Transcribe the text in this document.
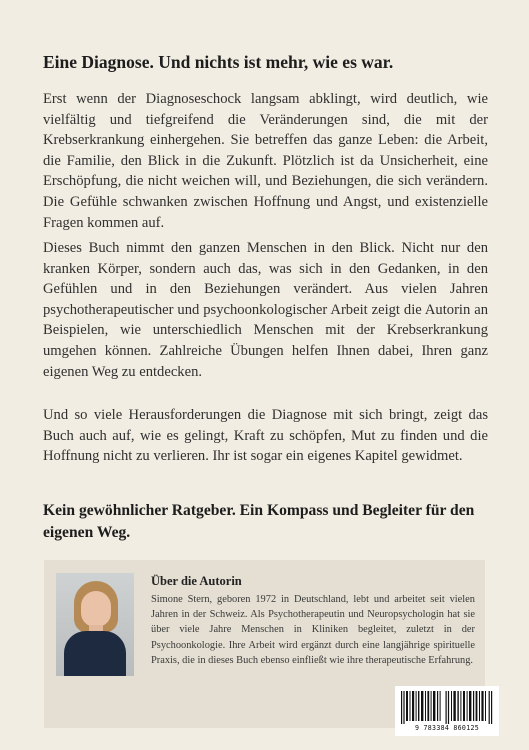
Eine Diagnose. Und nichts ist mehr, wie es war.

Erst wenn der Diagnoseschock langsam abklingt, wird deutlich, wie vielfältig und tiefgreifend die Veränderungen sind, die mit der Krebserkrankung einhergehen. Sie betreffen das ganze Leben: die Arbeit, die Familie, den Blick in die Zukunft. Plötzlich ist da Unsicherheit, eine Erschöpfung, die nicht weichen will, und Beziehungen, die sich verändern. Die Gefühle schwanken zwischen Hoffnung und Angst, und existenzielle Fragen kommen auf.

Dieses Buch nimmt den ganzen Menschen in den Blick. Nicht nur den kranken Körper, sondern auch das, was sich in den Gedanken, in den Gefühlen und in den Beziehungen verändert. Aus vielen Jahren psychotherapeutischer und psychoonkologischer Arbeit zeigt die Autorin an Beispielen, wie unterschiedlich Menschen mit der Krebserkrankung umgehen können. Zahlreiche Übungen helfen Ihnen dabei, Ihren ganz eigenen Weg zu entdecken.

Und so viele Herausforderungen die Diagnose mit sich bringt, zeigt das Buch auch auf, wie es gelingt, Kraft zu schöpfen, Mut zu finden und die Hoffnung nicht zu verlieren. Ihr ist sogar ein eigenes Kapitel gewidmet.

Kein gewöhnlicher Ratgeber. Ein Kompass und Begleiter für den eigenen Weg.

Über die Autorin

Simone Stern, geboren 1972 in Deutschland, lebt und arbeitet seit vielen Jahren in der Schweiz. Als Psychotherapeutin und Neuropsychologin hat sie über viele Jahre Menschen in Kliniken begleitet, zuletzt in der Psychoonkologie. Ihre Arbeit wird ergänzt durch eine langjährige spirituelle Praxis, die in dieses Buch ebenso einfließt wie ihre therapeutische Erfahrung.

9 783384 860125
